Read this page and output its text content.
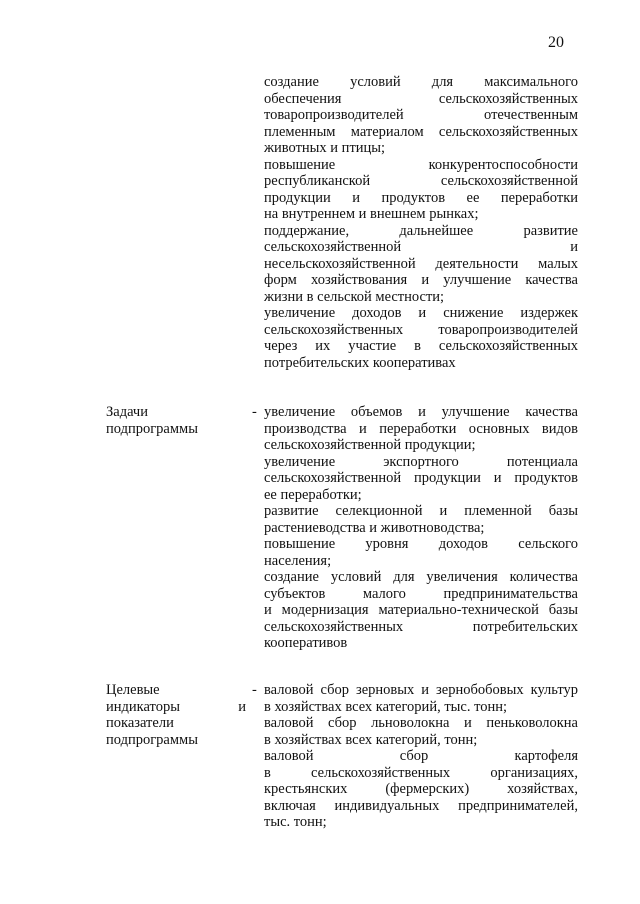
20
создание условий для максимального
обеспечения сельскохозяйственных
товаропроизводителей отечественным
племенным материалом сельскохозяйственных
животных и птицы;
повышение конкурентоспособности
республиканской сельскохозяйственной
продукции и продуктов ее переработки
на внутреннем и внешнем рынках;
поддержание, дальнейшее развитие
сельскохозяйственной и
несельскохозяйственной деятельности малых
форм хозяйствования и улучшение качества
жизни в сельской местности;
увеличение доходов и снижение издержек
сельскохозяйственных товаропроизводителей
через их участие в сельскохозяйственных
потребительских кооперативах
Задачи
подпрограммы
- увеличение объемов и улучшение качества
производства и переработки основных видов
сельскохозяйственной продукции;
увеличение экспортного потенциала
сельскохозяйственной продукции и продуктов
ее переработки;
развитие селекционной и племенной базы
растениеводства и животноводства;
повышение уровня доходов сельского
населения;
создание условий для увеличения количества
субъектов малого предпринимательства
и модернизация материально-технической базы
сельскохозяйственных потребительских
кооперативов
Целевые
индикаторы и
показатели
подпрограммы
- валовой сбор зерновых и зернобобовых культур
в хозяйствах всех категорий, тыс. тонн;
валовой сбор льноволокна и пеньковолокна
в хозяйствах всех категорий, тонн;
валовой сбор картофеля
в сельскохозяйственных организациях,
крестьянских (фермерских) хозяйствах,
включая индивидуальных предпринимателей,
тыс. тонн;
